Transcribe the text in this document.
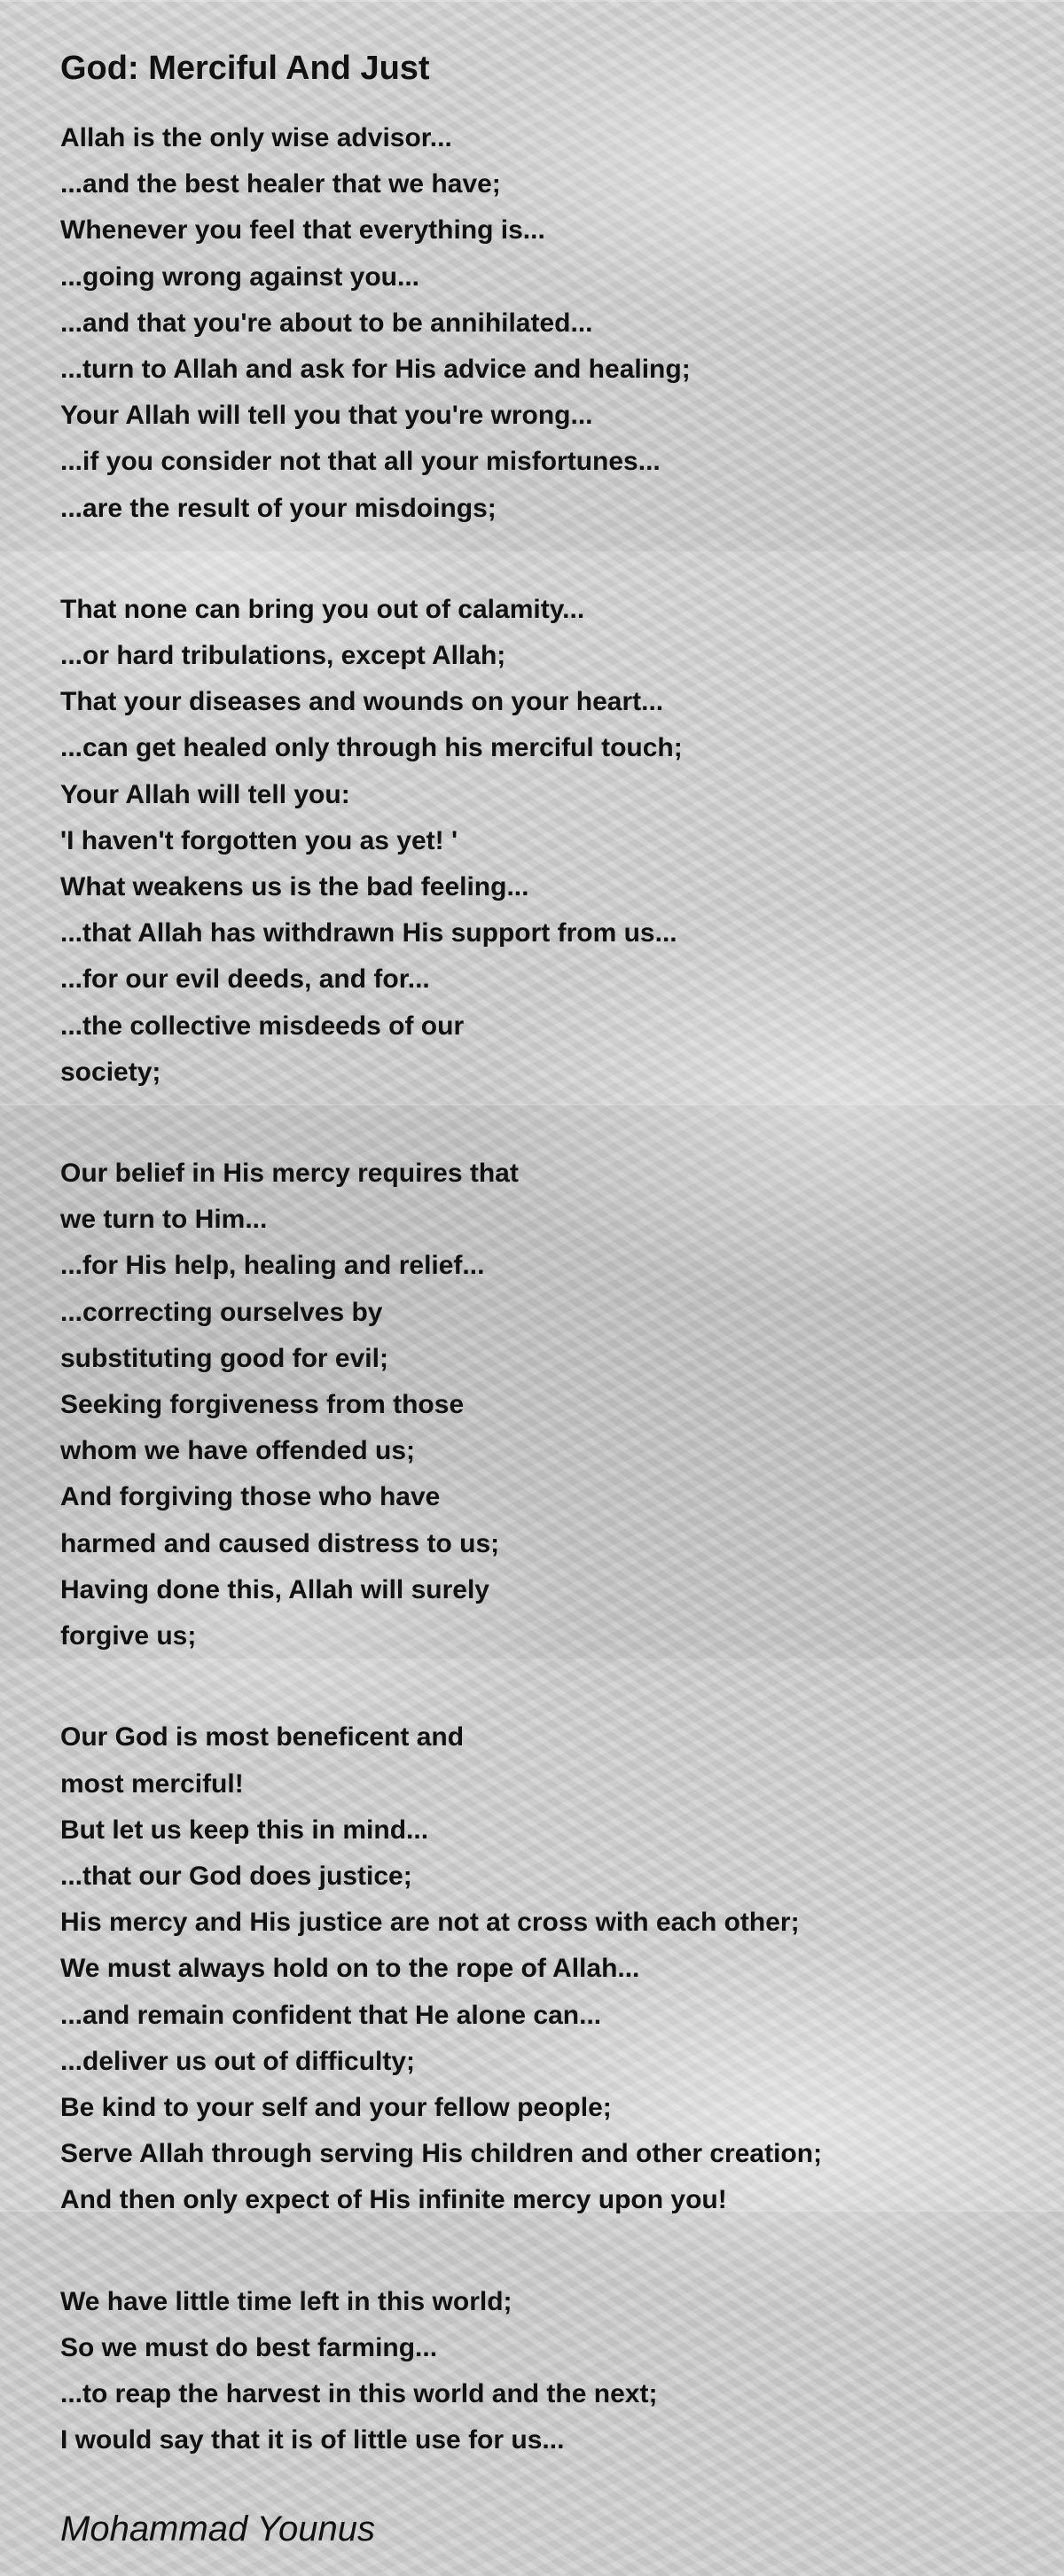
God: Merciful And Just
Allah is the only wise advisor...
...and the best healer that we have;
Whenever you feel that everything is...
...going wrong against you...
...and that you're about to be annihilated...
...turn to Allah and ask for His advice and healing;
Your Allah will tell you that you're wrong...
...if you consider not that all your misfortunes...
...are the result of your misdoings;
That none can bring you out of calamity...
...or hard tribulations, except Allah;
That your diseases and wounds on your heart...
...can get healed only through his merciful touch;
Your Allah will tell you:
'I haven't forgotten you as yet! '
What weakens us is the bad feeling...
...that Allah has withdrawn His support from us...
...for our evil deeds, and for...
...the collective misdeeds of our
society;
Our belief in His mercy requires that
we turn to Him...
...for His help, healing and relief...
...correcting ourselves by
substituting good for evil;
Seeking forgiveness from those
whom we have offended us;
And forgiving those who have
harmed and caused distress to us;
Having done this, Allah will surely
forgive us;
Our God is most beneficent and
most merciful!
But let us keep this in mind...
...that our God does justice;
His mercy and His justice are not at cross with each other;
We must always hold on to the rope of Allah...
...and remain confident that He alone can...
...deliver us out of difficulty;
Be kind to your self and your fellow people;
Serve Allah through serving His children and other creation;
And then only expect of His infinite mercy upon you!
We have little time left in this world;
So we must do best farming...
...to reap the harvest in this world and the next;
I would say that it is of little use for us...
Mohammad Younus
